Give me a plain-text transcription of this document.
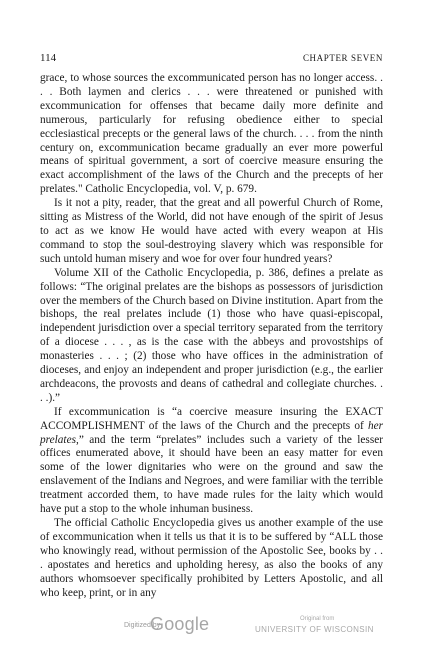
114	CHAPTER SEVEN

grace, to whose sources the excommunicated person has no longer access. . . . Both laymen and clerics . . . were threatened or punished with excommunication for offenses that became daily more definite and numerous, particularly for refusing obedience either to special ecclesiastical precepts or the general laws of the church. . . . from the ninth century on, excommunication became gradually an ever more powerful means of spiritual government, a sort of coercive measure ensuring the exact accomplishment of the laws of the Church and the precepts of her prelates." Catholic Encyclopedia, vol. V, p. 679.

Is it not a pity, reader, that the great and all powerful Church of Rome, sitting as Mistress of the World, did not have enough of the spirit of Jesus to act as we know He would have acted with every weapon at His command to stop the soul-destroying slavery which was responsible for such untold human misery and woe for over four hundred years?

Volume XII of the Catholic Encyclopedia, p. 386, defines a prelate as follows: “The original prelates are the bishops as possessors of jurisdiction over the members of the Church based on Divine institution. Apart from the bishops, the real prelates include (1) those who have quasi-episcopal, independent jurisdiction over a special territory separated from the territory of a diocese . . . , as is the case with the abbeys and provostships of monasteries . . . ; (2) those who have offices in the administration of dioceses, and enjoy an independent and proper jurisdiction (e.g., the earlier archdeacons, the provosts and deans of cathedral and collegiate churches. . . .).”

If excommunication is “a coercive measure insuring the EXACT ACCOMPLISHMENT of the laws of the Church and the precepts of her prelates,” and the term “prelates” includes such a variety of the lesser offices enumerated above, it should have been an easy matter for even some of the lower dignitaries who were on the ground and saw the enslavement of the Indians and Negroes, and were familiar with the terrible treatment accorded them, to have made rules for the laity which would have put a stop to the whole inhuman business.

The official Catholic Encyclopedia gives us another example of the use of excommunication when it tells us that it is to be suffered by “ALL those who knowingly read, without permission of the Apostolic See, books by . . . apostates and heretics and upholding heresy, as also the books of any authors whomsoever specifically prohibited by Letters Apostolic, and all who keep, print, or in any

Digitized by
Google	Original from
UNIVERSITY OF WISCONSIN
